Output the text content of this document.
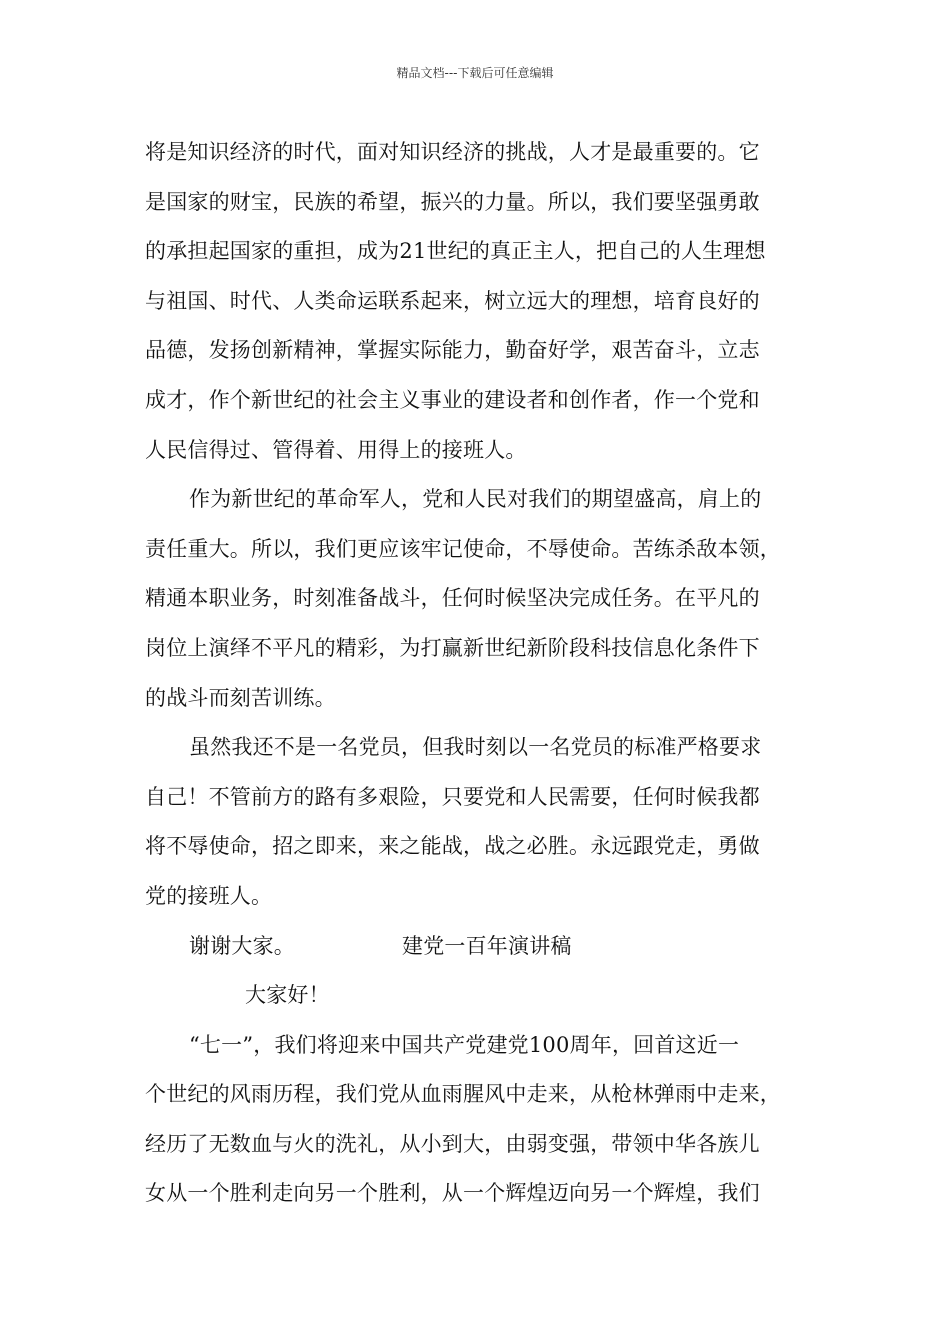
精品文档---下载后可任意编辑
将是知识经济的时代，面对知识经济的挑战，人才是最重要的。它
是国家的财宝，民族的希望，振兴的力量。所以，我们要坚强勇敢
的承担起国家的重担，成为21世纪的真正主人，把自己的人生理想
与祖国、时代、人类命运联系起来，树立远大的理想，培育良好的
品德，发扬创新精神，掌握实际能力，勤奋好学，艰苦奋斗，立志
成才，作个新世纪的社会主义事业的建设者和创作者，作一个党和
人民信得过、管得着、用得上的接班人。
作为新世纪的革命军人，党和人民对我们的期望盛高，肩上的
责任重大。所以，我们更应该牢记使命，不辱使命。苦练杀敌本领，
精通本职业务，时刻准备战斗，任何时候坚决完成任务。在平凡的
岗位上演绎不平凡的精彩，为打赢新世纪新阶段科技信息化条件下
的战斗而刻苦训练。
虽然我还不是一名党员，但我时刻以一名党员的标准严格要求
自己！不管前方的路有多艰险，只要党和人民需要，任何时候我都
将不辱使命，招之即来，来之能战，战之必胜。永远跟党走，勇做
党的接班人。
谢谢大家。	建党一百年演讲稿
大家好！
“七一”，我们将迎来中国共产党建党100周年，回首这近一
个世纪的风雨历程，我们党从血雨腥风中走来，从枪林弹雨中走来，
经历了无数血与火的洗礼，从小到大，由弱变强，带领中华各族儿
女从一个胜利走向另一个胜利，从一个辉煌迈向另一个辉煌，我们
